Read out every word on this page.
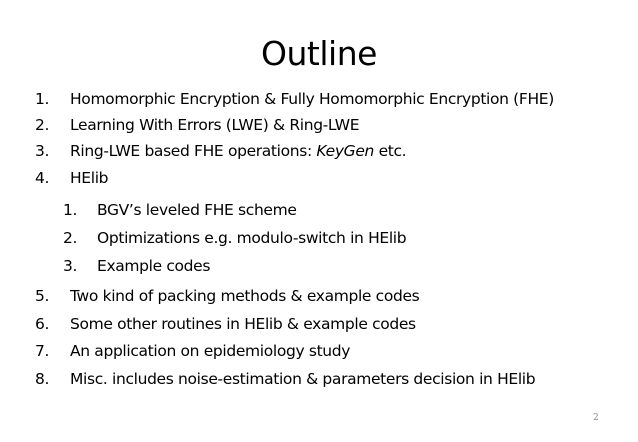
Outline
1. Homomorphic Encryption & Fully Homomorphic Encryption (FHE)
2. Learning With Errors (LWE) & Ring-LWE
3. Ring-LWE based FHE operations: KeyGen etc.
4. HElib
1. BGV’s leveled FHE scheme
2. Optimizations e.g. modulo-switch in HElib
3. Example codes
5. Two kind of packing methods & example codes
6. Some other routines in HElib & example codes
7. An application on epidemiology study
8. Misc. includes noise-estimation & parameters decision in HElib
2
